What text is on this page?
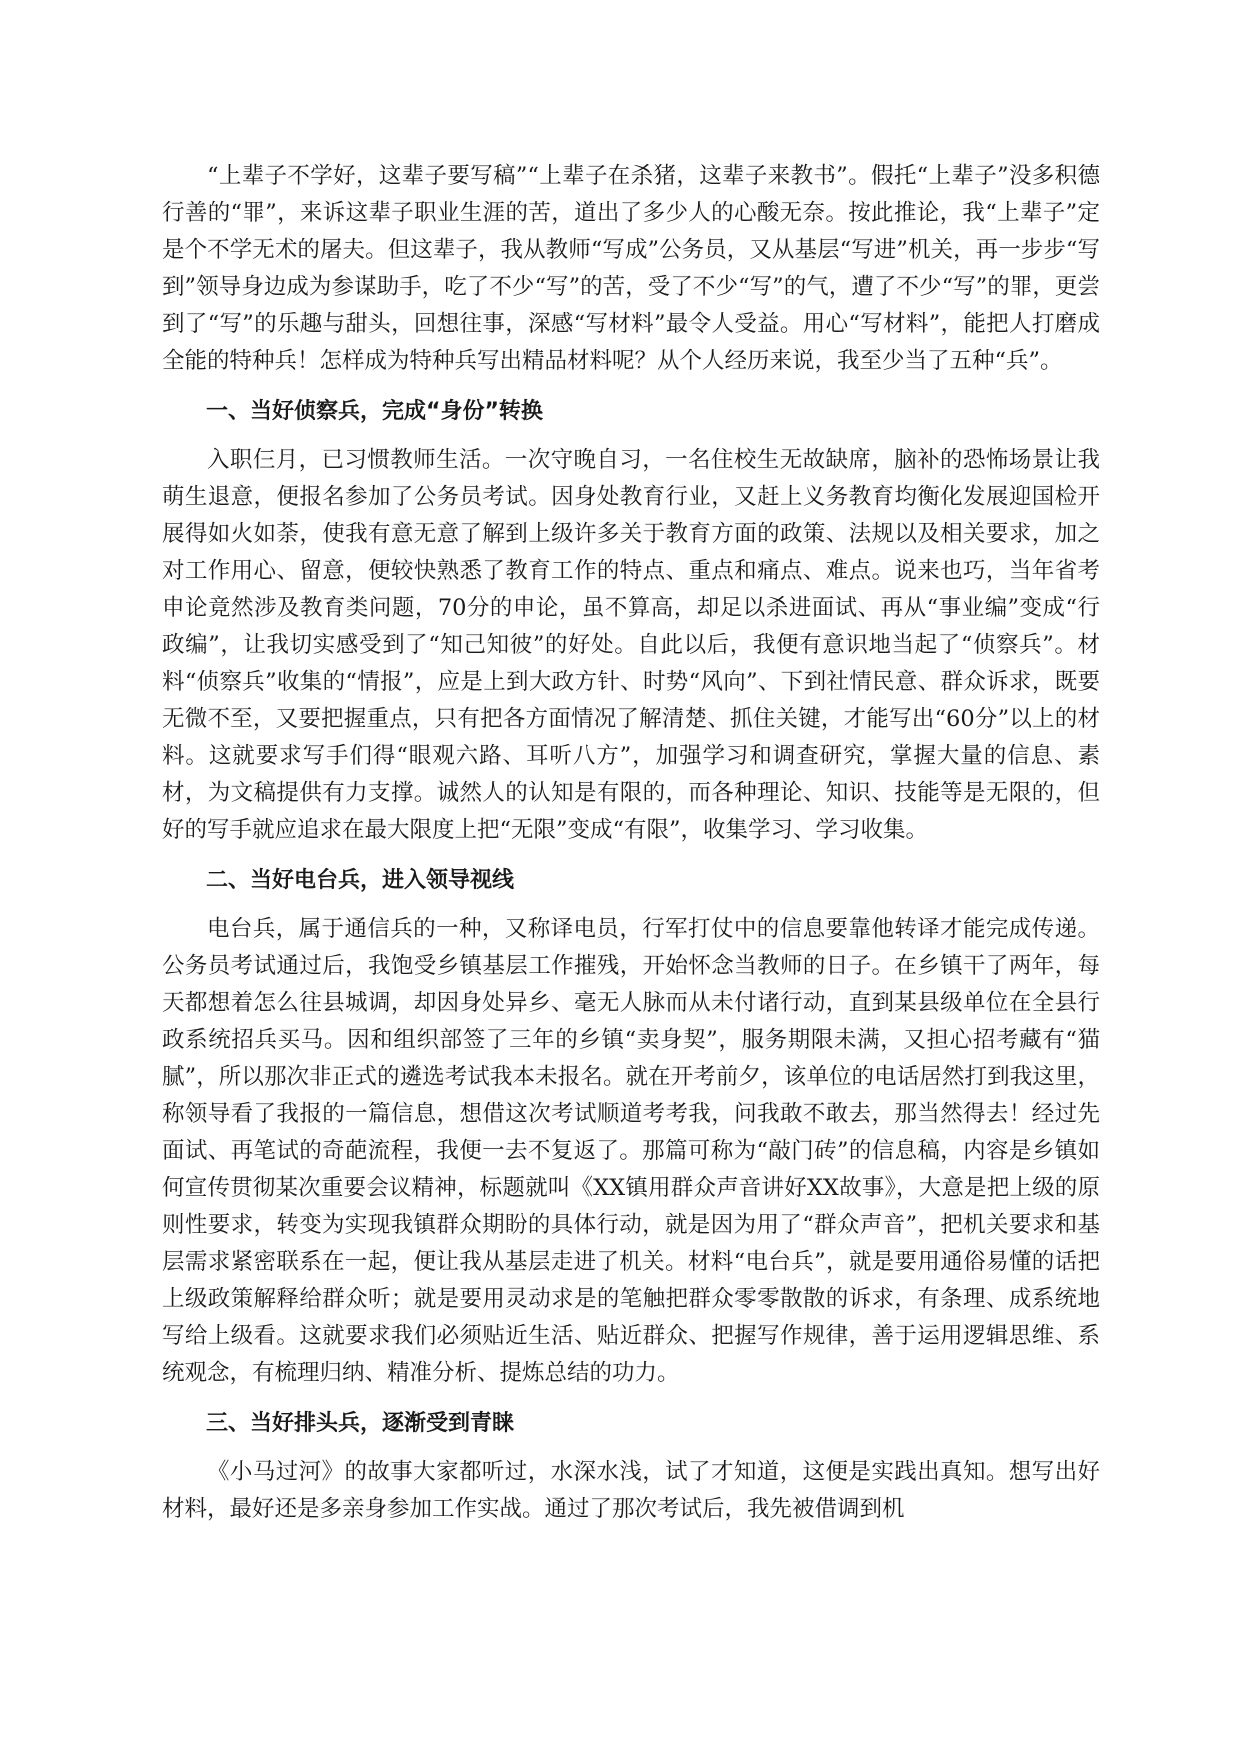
“上辈子不学好，这辈子要写稿”“上辈子在杀猪，这辈子来教书”。假托“上辈子”没多积德行善的“罪”，来诉这辈子职业生涯的苦，道出了多少人的心酸无奈。按此推论，我“上辈子”定是个不学无术的屠夫。但这辈子，我从教师“写成”公务员，又从基层“写进”机关，再一步步“写到”领导身边成为参谋助手，吃了不少“写”的苦，受了不少“写”的气，遭了不少“写”的罪，更尝到了“写”的乐趣与甜头，回想往事，深感“写材料”最令人受益。用心“写材料”，能把人打磨成全能的特种兵！怎样成为特种兵写出精品材料呢？从个人经历来说，我至少当了五种“兵”。

一、当好侦察兵，完成“身份”转换

入职仨月，已习惯教师生活。一次守晚自习，一名住校生无故缺席，脑补的恐怖场景让我萌生退意，便报名参加了公务员考试。因身处教育行业，又赶上义务教育均衡化发展迎国检开展得如火如荼，使我有意无意了解到上级许多关于教育方面的政策、法规以及相关要求，加之对工作用心、留意，便较快熟悉了教育工作的特点、重点和痛点、难点。说来也巧，当年省考申论竟然涉及教育类问题，70分的申论，虽不算高，却足以杀进面试、再从“事业编”变成“行政编”，让我切实感受到了“知己知彼”的好处。自此以后，我便有意识地当起了“侦察兵”。材料“侦察兵”收集的“情报”，应是上到大政方针、时势“风向”、下到社情民意、群众诉求，既要无微不至，又要把握重点，只有把各方面情况了解清楚、抓住关键，才能写出“60分”以上的材料。这就要求写手们得“眼观六路、耳听八方”，加强学习和调查研究，掌握大量的信息、素材，为文稿提供有力支撑。诚然人的认知是有限的，而各种理论、知识、技能等是无限的，但好的写手就应追求在最大限度上把“无限”变成“有限”，收集学习、学习收集。

二、当好电台兵，进入领导视线

电台兵，属于通信兵的一种，又称译电员，行军打仗中的信息要靠他转译才能完成传递。公务员考试通过后，我饱受乡镇基层工作摧残，开始怀念当教师的日子。在乡镇干了两年，每天都想着怎么往县城调，却因身处异乡、毫无人脉而从未付诸行动，直到某县级单位在全县行政系统招兵买马。因和组织部签了三年的乡镇“卖身契”，服务期限未满，又担心招考藏有“猫腻”，所以那次非正式的遴选考试我本未报名。就在开考前夕，该单位的电话居然打到我这里，称领导看了我报的一篇信息，想借这次考试顺道考考我，问我敢不敢去，那当然得去！经过先面试、再笔试的奇葩流程，我便一去不复返了。那篇可称为“敲门砖”的信息稿，内容是乡镇如何宣传贯彻某次重要会议精神，标题就叫《XX镇用群众声音讲好XX故事》，大意是把上级的原则性要求，转变为实现我镇群众期盼的具体行动，就是因为用了“群众声音”，把机关要求和基层需求紧密联系在一起，便让我从基层走进了机关。材料“电台兵”，就是要用通俗易懂的话把上级政策解释给群众听；就是要用灵动求是的笔触把群众零零散散的诉求，有条理、成系统地写给上级看。这就要求我们必须贴近生活、贴近群众、把握写作规律，善于运用逻辑思维、系统观念，有梳理归纳、精准分析、提炼总结的功力。

三、当好排头兵，逐渐受到青睐

《小马过河》的故事大家都听过，水深水浅，试了才知道，这便是实践出真知。想写出好材料，最好还是多亲身参加工作实战。通过了那次考试后，我先被借调到机
